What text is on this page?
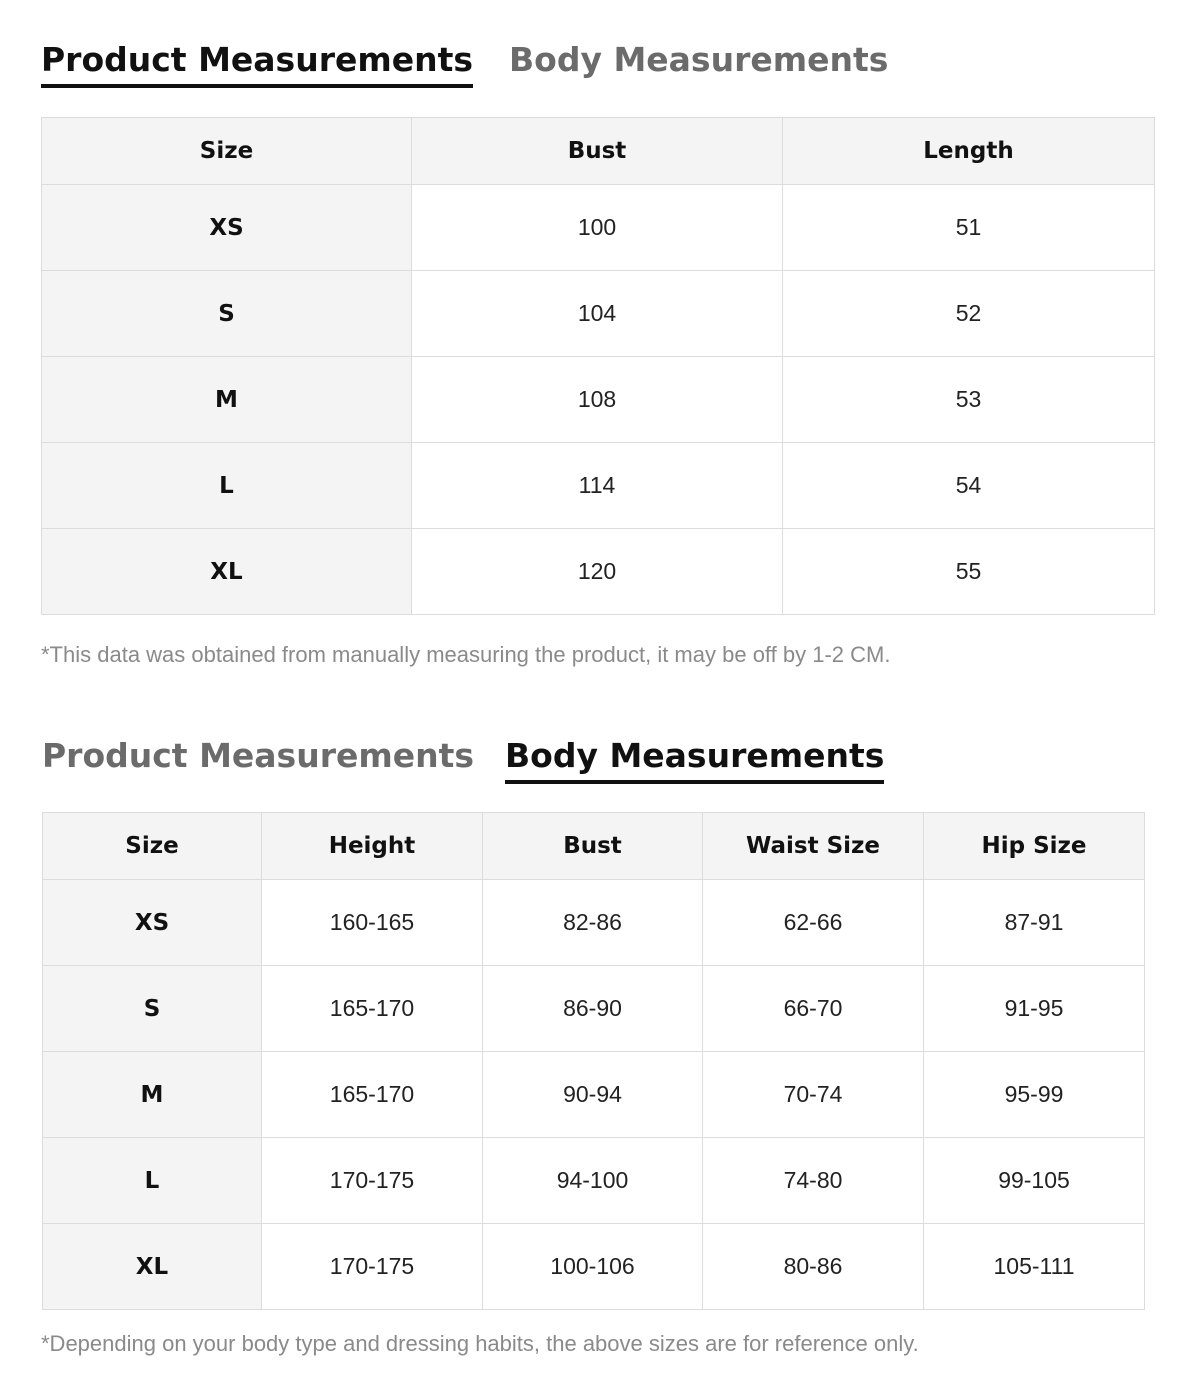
Product Measurements Body Measurements
Size	Bust	Length
XS	100	51
S	104	52
M	108	53
L	114	54
XL	120	55
*This data was obtained from manually measuring the product, it may be off by 1-2 CM.
Product Measurements Body Measurements
Size	Height	Bust	Waist Size	Hip Size
XS	160-165	82-86	62-66	87-91
S	165-170	86-90	66-70	91-95
M	165-170	90-94	70-74	95-99
L	170-175	94-100	74-80	99-105
XL	170-175	100-106	80-86	105-111
*Depending on your body type and dressing habits, the above sizes are for reference only.
